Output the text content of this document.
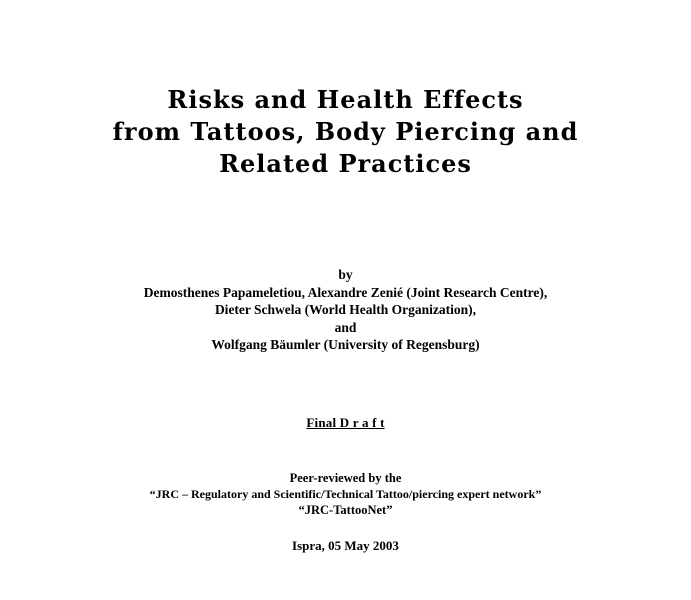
Risks and Health Effects
from Tattoos, Body Piercing and
Related Practices
by
Demosthenes Papameletiou, Alexandre Zenié (Joint Research Centre),
Dieter Schwela (World Health Organization),
and
Wolfgang Bäumler (University of Regensburg)
Final D r a f t
Peer-reviewed by the
“JRC – Regulatory and Scientific/Technical Tattoo/piercing expert network”
“JRC-TattooNet”
Ispra, 05 May 2003
